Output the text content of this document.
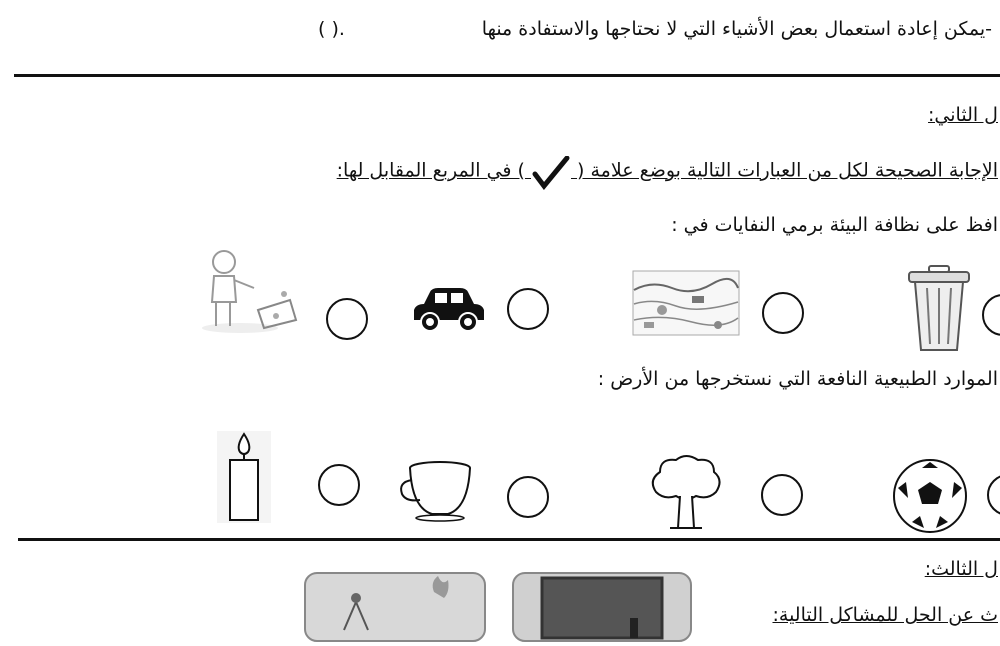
-يمكن إعادة استعمال بعض الأشياء التي لا نحتاجها والاستفادة منها
( ).
ل الثاني:
الإجابة الصحيحة لكل من العبارات التالية بوضع علامة (  ) في المربع المقابل لها:
افظ على نظافة البيئة برمي النفايات في :
الموارد الطبيعية النافعة التي نستخرجها من الأرض :
ل الثالث:
ث عن الحل للمشاكل التالية:
